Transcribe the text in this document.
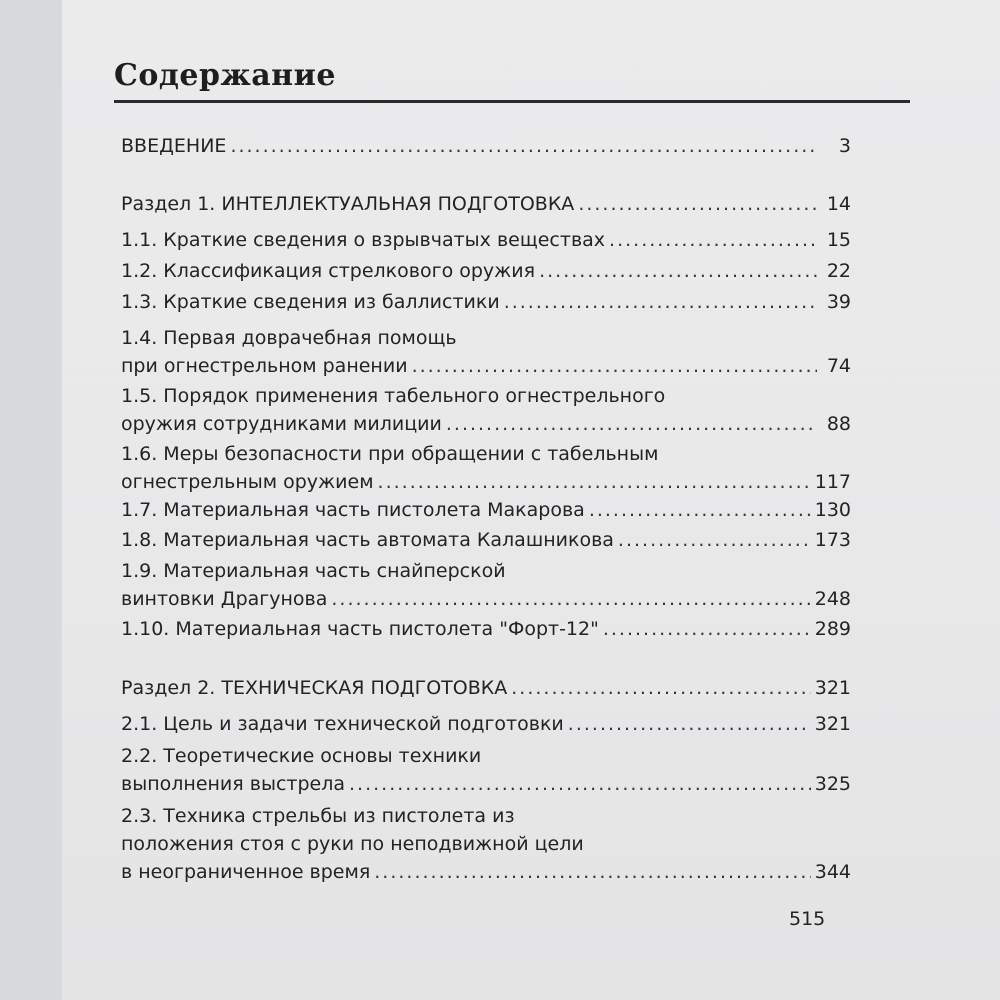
ᅟ ᅟ ᅟ ᅟ ᅟ ᅟ ᅟ ᅟ ᅟ ᅟ ᅟ ᅟ ᅟ ᅟ ᅟ ᅟ ᅟ ᅟ ᅟ ᅟ ᅟ ᅟ ᅟ
Содержание
ВВЕДЕНИЕ .....	3
Раздел 1. ИНТЕЛЛЕКТУАЛЬНАЯ ПОДГОТОВКА .....	14
1.1. Краткие сведения о взрывчатых веществах .....	15
1.2. Классификация стрелкового оружия .....	22
1.3. Краткие сведения из баллистики .....	39
1.4. Первая доврачебная помощь
при огнестрельном ранении .....	74
1.5. Порядок применения табельного огнестрельного
оружия сотрудниками милиции .....	88
1.6. Меры безопасности при обращении с табельным
огнестрельным оружием .....	117
1.7. Материальная часть пистолета Макарова .....	130
1.8. Материальная часть автомата Калашникова .....	173
1.9. Материальная часть снайперской
винтовки Драгунова .....	248
1.10. Материальная часть пистолета "Форт-12" .....	289
Раздел 2. ТЕХНИЧЕСКАЯ ПОДГОТОВКА .....	321
2.1. Цель и задачи технической подготовки .....	321
2.2. Теоретические основы техники
выполнения выстрела .....	325
2.3. Техника стрельбы из пистолета из
положения стоя с руки по неподвижной цели
в неограниченное время .....	344
515
